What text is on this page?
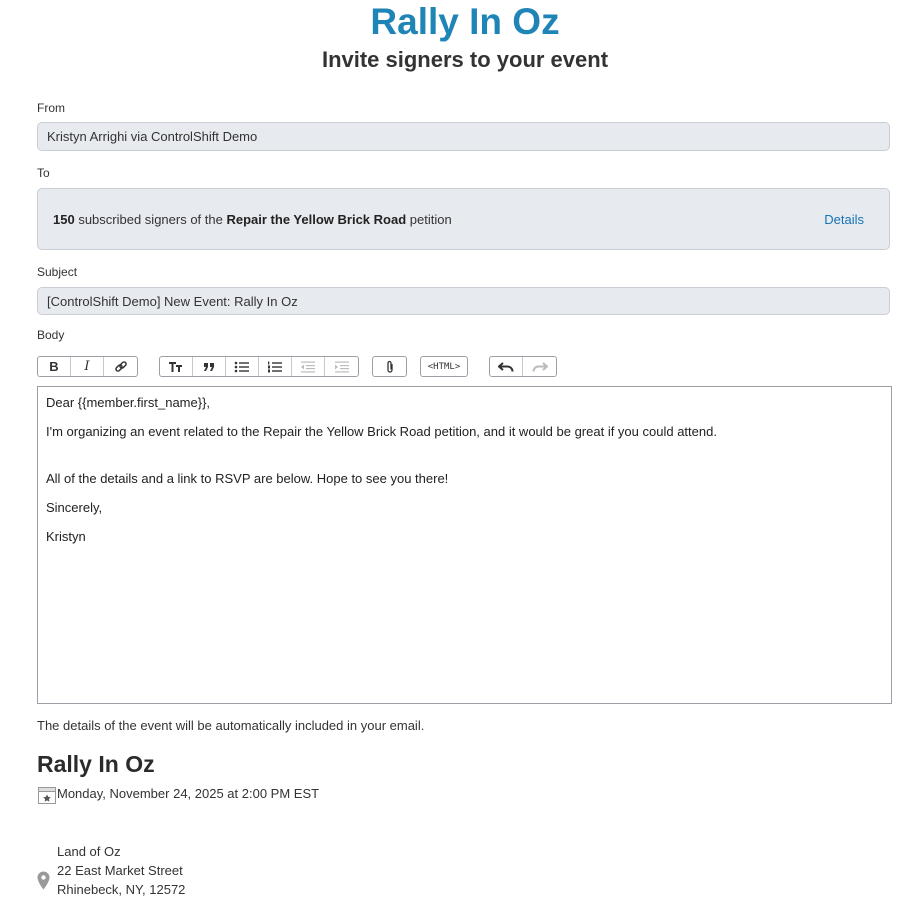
Rally In Oz
Invite signers to your event
From
Kristyn Arrighi via ControlShift Demo
To
150 subscribed signers of the Repair the Yellow Brick Road petition	Details
Subject
[ControlShift Demo] New Event: Rally In Oz
Body
B I	<HTML>

Dear {{member.first_name}},

I'm organizing an event related to the Repair the Yellow Brick Road petition, and it would be great if you could attend.

All of the details and a link to RSVP are below. Hope to see you there!

Sincerely,

Kristyn

The details of the event will be automatically included in your email.
Rally In Oz
Monday, November 24, 2025 at 2:00 PM EST
Land of Oz
22 East Market Street
Rhinebeck, NY, 12572
